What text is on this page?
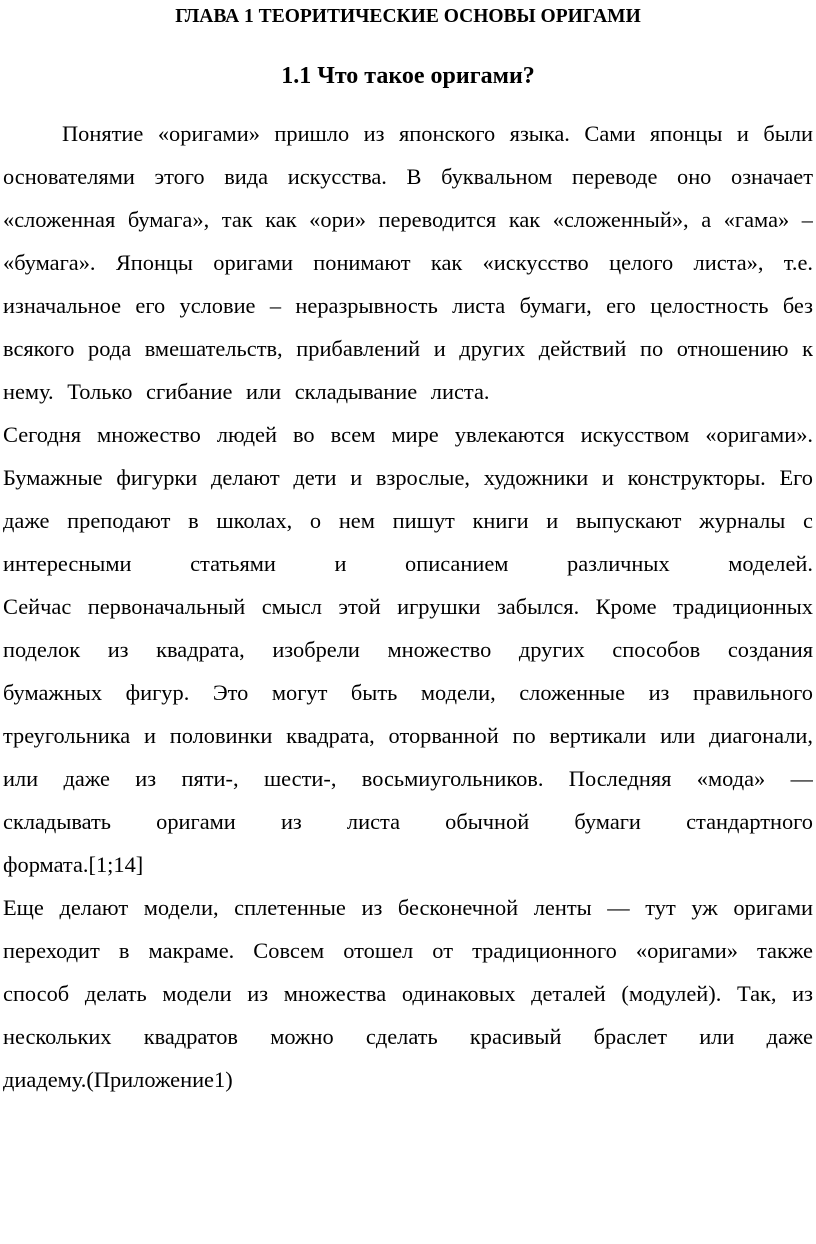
ГЛАВА 1 ТЕОРИТИЧЕСКИЕ ОСНОВЫ ОРИГАМИ
1.1 Что такое оригами?
Понятие «оригами» пришло из японского языка. Сами японцы и были
основателями этого вида искусства. В буквальном переводе оно означает
«сложенная бумага», так как «ори» переводится как «сложенный», а «гама» –
«бумага». Японцы оригами понимают как «искусство целого листа», т.е.
изначальное его условие – неразрывность листа бумаги, его целостность без
всякого рода вмешательств, прибавлений и других действий по отношению к
нему. Только сгибание или складывание листа.
Сегодня множество людей во всем мире увлекаются искусством «оригами».
Бумажные фигурки делают дети и взрослые, художники и конструкторы. Его
даже преподают в школах, о нем пишут книги и выпускают журналы с
интересными статьями и описанием различных моделей.
Сейчас первоначальный смысл этой игрушки забылся. Кроме традиционных
поделок из квадрата, изобрели множество других способов создания
бумажных фигур. Это могут быть модели, сложенные из правильного
треугольника и половинки квадрата, оторванной по вертикали или диагонали,
или даже из пяти-, шести-, восьмиугольников. Последняя «мода» —
складывать оригами из листа обычной бумаги стандартного
формата.[1;14]
Еще делают модели, сплетенные из бесконечной ленты — тут уж оригами
переходит в макраме. Совсем отошел от традиционного «оригами» также
способ делать модели из множества одинаковых деталей (модулей). Так, из
нескольких квадратов можно сделать красивый браслет или даже
диадему.(Приложение1)
